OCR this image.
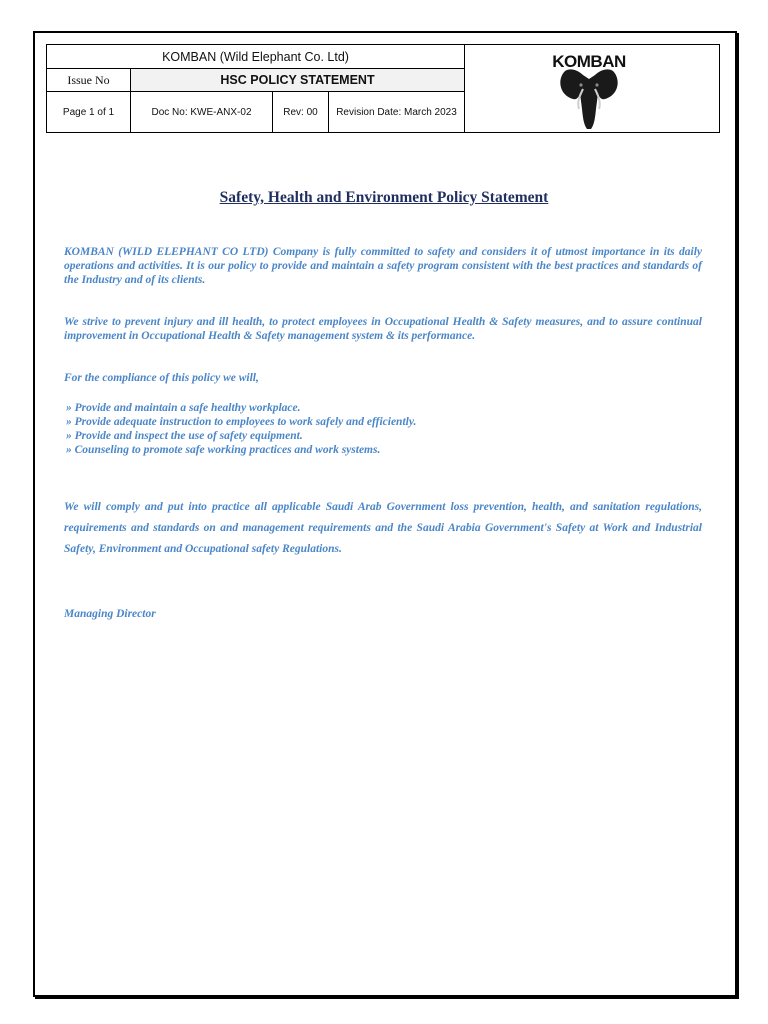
KOMBAN (Wild Elephant Co. Ltd)
Issue No	HSC POLICY STATEMENT
Page 1 of 1	Doc No: KWE-ANX-02	Rev: 00	Revision Date: March 2023
KOMBAN
Safety, Health and Environment Policy Statement
KOMBAN (WILD ELEPHANT CO LTD) Company is fully committed to safety and considers it of utmost importance in its daily operations and activities. It is our policy to provide and maintain a safety program consistent with the best practices and standards of the Industry and of its clients.
We strive to prevent injury and ill health, to protect employees in Occupational Health & Safety measures, and to assure continual improvement in Occupational Health & Safety management system & its performance.
For the compliance of this policy we will,
» Provide and maintain a safe healthy workplace.
» Provide adequate instruction to employees to work safely and efficiently.
» Provide and inspect the use of safety equipment.
» Counseling to promote safe working practices and work systems.
We will comply and put into practice all applicable Saudi Arab Government loss prevention, health, and sanitation regulations, requirements and standards on and management requirements and the Saudi Arabia Government's Safety at Work and Industrial Safety, Environment and Occupational safety Regulations.
Managing Director
